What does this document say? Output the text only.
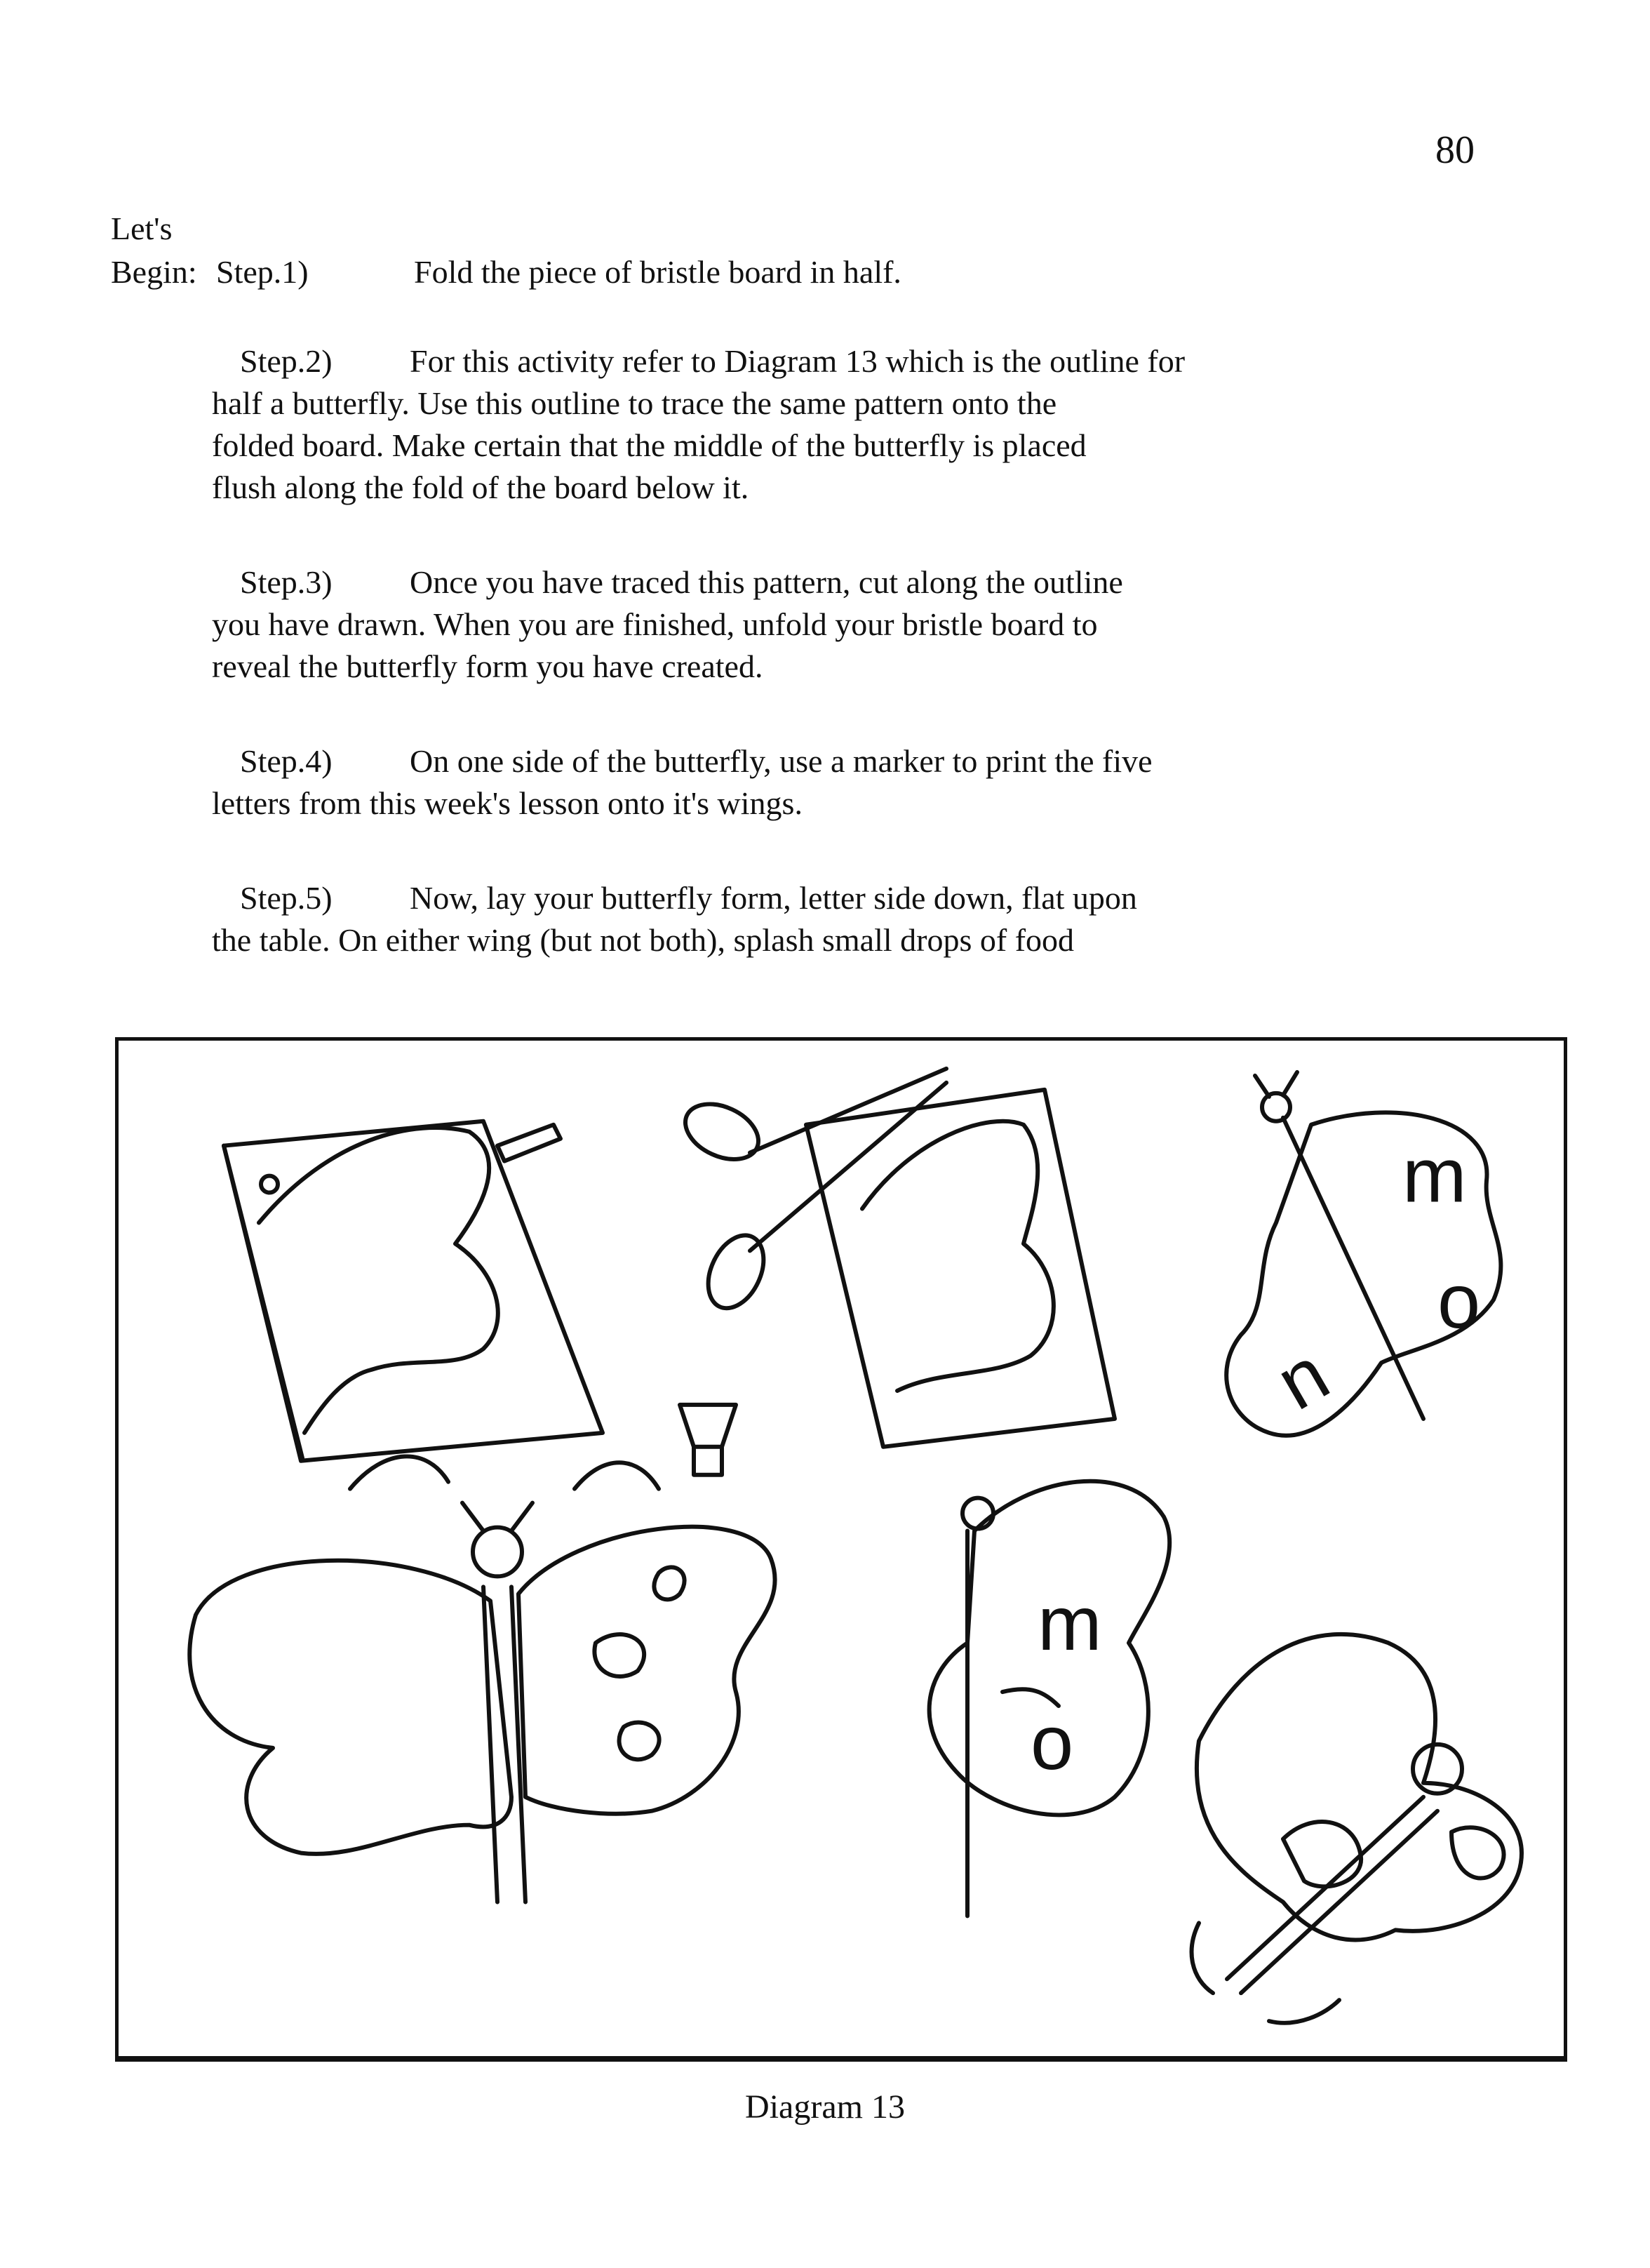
80
Let's
Begin: Step.1)	Fold the piece of bristle board in half.
Step.2) For this activity refer to Diagram 13 which is the outline for
half a butterfly. Use this outline to trace the same pattern onto the
folded board. Make certain that the middle of the butterfly is placed
flush along the fold of the board below it.
Step.3) Once you have traced this pattern, cut along the outline
you have drawn. When you are finished, unfold your bristle board to
reveal the butterfly form you have created.
Step.4) On one side of the butterfly, use a marker to print the five
letters from this week's lesson onto it's wings.
Step.5) Now, lay your butterfly form, letter side down, flat upon
the table. On either wing (but not both), splash small drops of food
m
o
n
m
o
Diagram 13
